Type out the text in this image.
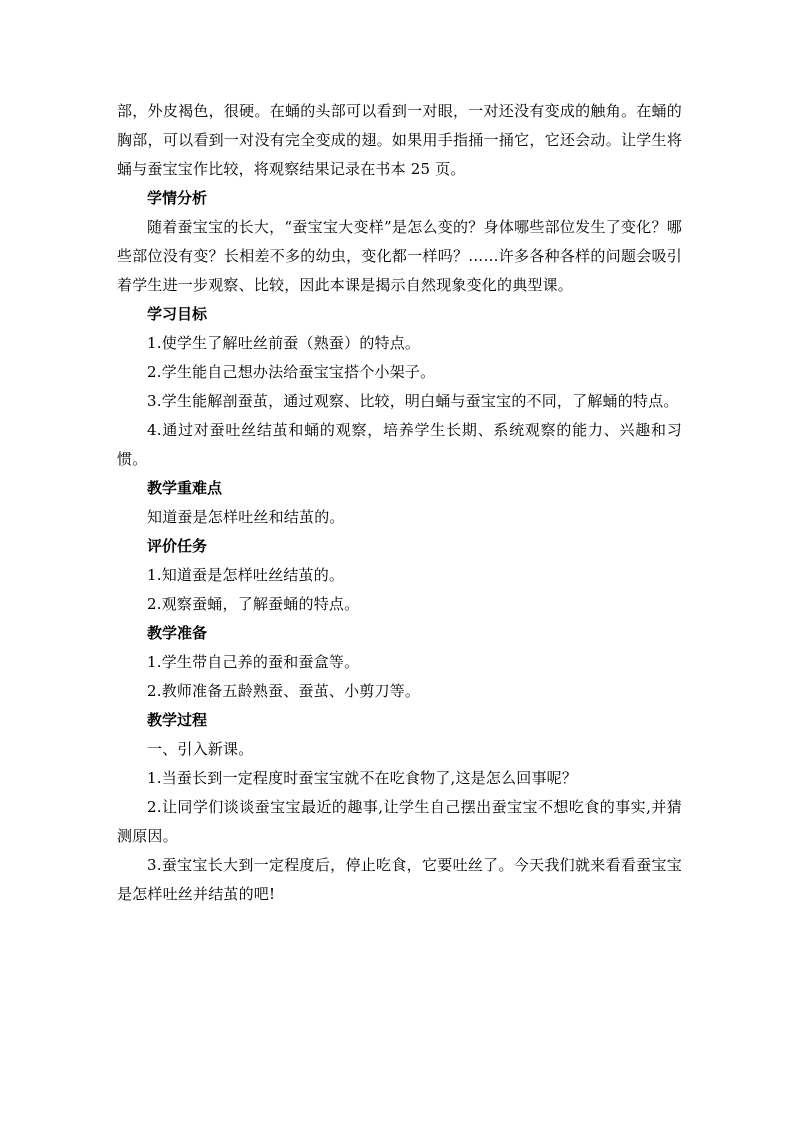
部，外皮褐色，很硬。在蛹的头部可以看到一对眼，一对还没有变成的触角。在蛹的胸部，可以看到一对没有完全变成的翅。如果用手指捅一捅它，它还会动。让学生将蛹与蚕宝宝作比较，将观察结果记录在书本 25 页。

学情分析

随着蚕宝宝的长大，“蚕宝宝大变样”是怎么变的？身体哪些部位发生了变化？哪些部位没有变？长相差不多的幼虫，变化都一样吗？……许多各种各样的问题会吸引着学生进一步观察、比较，因此本课是揭示自然现象变化的典型课。

学习目标

1.使学生了解吐丝前蚕（熟蚕）的特点。

2.学生能自己想办法给蚕宝宝搭个小架子。

3.学生能解剖蚕茧，通过观察、比较，明白蛹与蚕宝宝的不同，了解蛹的特点。

4.通过对蚕吐丝结茧和蛹的观察，培养学生长期、系统观察的能力、兴趣和习惯。

教学重难点

知道蚕是怎样吐丝和结茧的。

评价任务

1.知道蚕是怎样吐丝结茧的。

2.观察蚕蛹，了解蚕蛹的特点。

教学准备

1.学生带自己养的蚕和蚕盒等。

2.教师准备五龄熟蚕、蚕茧、小剪刀等。

教学过程

一、引入新课。

1.当蚕长到一定程度时蚕宝宝就不在吃食物了,这是怎么回事呢？

2.让同学们谈谈蚕宝宝最近的趣事,让学生自己摆出蚕宝宝不想吃食的事实,并猜测原因。

3.蚕宝宝长大到一定程度后，停止吃食，它要吐丝了。今天我们就来看看蚕宝宝是怎样吐丝并结茧的吧!
